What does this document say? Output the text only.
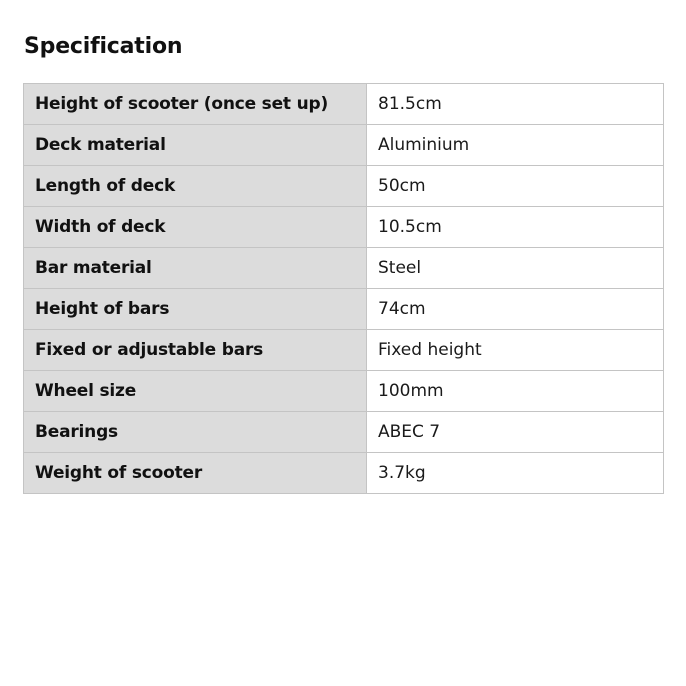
Specification
Height of scooter (once set up)	81.5cm
Deck material	Aluminium
Length of deck	50cm
Width of deck	10.5cm
Bar material	Steel
Height of bars	74cm
Fixed or adjustable bars	Fixed height
Wheel size	100mm
Bearings	ABEC 7
Weight of scooter	3.7kg
